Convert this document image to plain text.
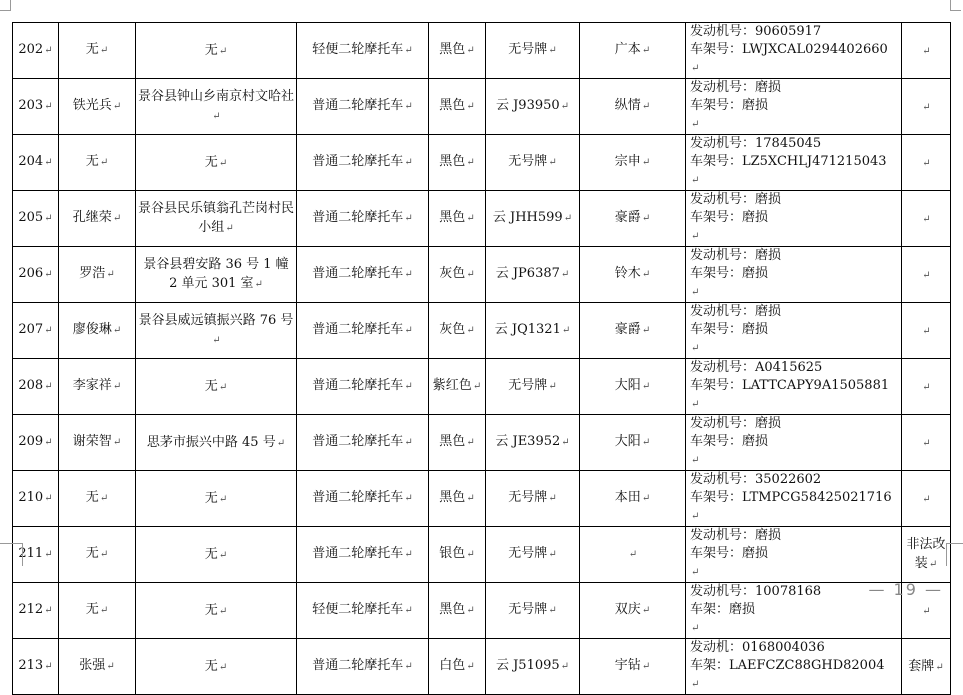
202↵	无↵	无↵	轻便二轮摩托车↵	黑色↵	无号牌↵	广本↵	发动机号：90605917
车架号：LWJXCAL0294402660
↵	↵
203↵	铁光兵↵	景谷县钟山乡南京村文哈社↵	普通二轮摩托车↵	黑色↵	云 J93950↵	纵情↵	发动机号：磨损
车架号：磨损
↵	↵
204↵	无↵	无↵	普通二轮摩托车↵	黑色↵	无号牌↵	宗申↵	发动机号：17845045
车架号：LZ5XCHLJ471215043
↵	↵
205↵	孔继荣↵	景谷县民乐镇翁孔芒岗村民小组↵	普通二轮摩托车↵	黑色↵	云 JHH599↵	豪爵↵	发动机号：磨损
车架号：磨损
↵	↵
206↵	罗浩↵	景谷县碧安路 36 号 1 幢 2 单元 301 室↵	普通二轮摩托车↵	灰色↵	云 JP6387↵	铃木↵	发动机号：磨损
车架号：磨损
↵	↵
207↵	廖俊琳↵	景谷县威远镇振兴路 76 号↵	普通二轮摩托车↵	灰色↵	云 JQ1321↵	豪爵↵	发动机号：磨损
车架号：磨损
↵	↵
208↵	李家祥↵	无↵	普通二轮摩托车↵	紫红色↵	无号牌↵	大阳↵	发动机号：A0415625
车架号：LATTCAPY9A1505881
↵	↵
209↵	谢荣智↵	思茅市振兴中路 45 号↵	普通二轮摩托车↵	黑色↵	云 JE3952↵	大阳↵	发动机号：磨损
车架号：磨损
↵	↵
210↵	无↵	无↵	普通二轮摩托车↵	黑色↵	无号牌↵	本田↵	发动机号：35022602
车架号：LTMPCG58425021716
↵	↵
211↵	无↵	无↵	普通二轮摩托车↵	银色↵	无号牌↵	↵	发动机号：磨损
车架号：磨损
↵	非法改装↵
212↵	无↵	无↵	轻便二轮摩托车↵	黑色↵	无号牌↵	双庆↵	发动机号：10078168
车架：磨损
↵	↵
213↵	张强↵	无↵	普通二轮摩托车↵	白色↵	云 J51095↵	宇钻↵	发动机：0168004036
车架：LAEFCZC88GHD82004
↵	套牌↵
— 19 —
